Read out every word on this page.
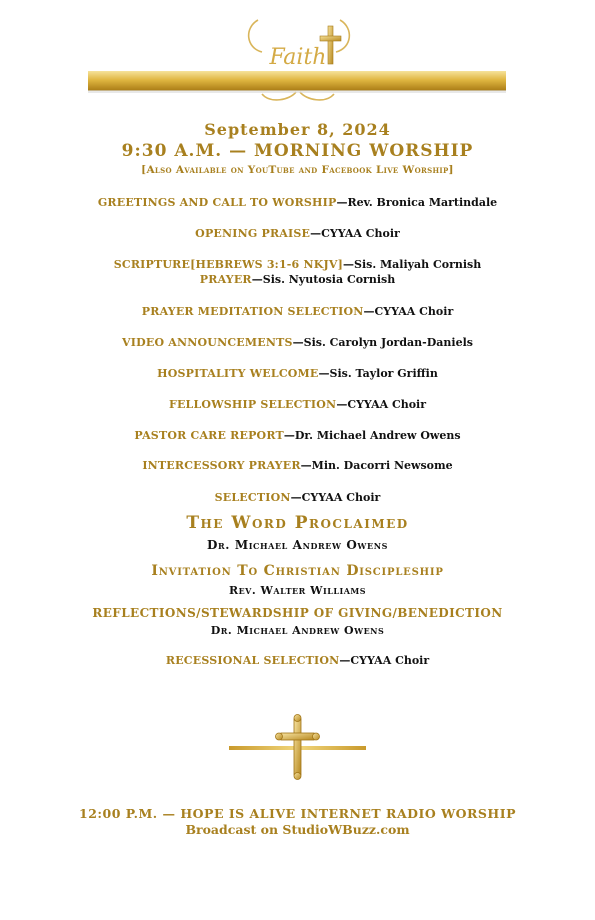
Faith
September 8, 2024
9:30 A.M. — MORNING WORSHIP
[Also Available on YouTube and Facebook Live Worship]
GREETINGS AND CALL TO WORSHIP—Rev. Bronica Martindale
OPENING PRAISE—CYYAA Choir
SCRIPTURE[HEBREWS 3:1-6 NKJV]—Sis. Maliyah Cornish
PRAYER—Sis. Nyutosia Cornish
PRAYER MEDITATION SELECTION—CYYAA Choir
VIDEO ANNOUNCEMENTS—Sis. Carolyn Jordan-Daniels
HOSPITALITY WELCOME—Sis. Taylor Griffin
FELLOWSHIP SELECTION—CYYAA Choir
PASTOR CARE REPORT—Dr. Michael Andrew Owens
INTERCESSORY PRAYER—Min. Dacorri Newsome
SELECTION—CYYAA Choir
The Word Proclaimed
Dr. Michael Andrew Owens
Invitation To Christian Discipleship
Rev. Walter Williams
REFLECTIONS/STEWARDSHIP OF GIVING/BENEDICTION
Dr. Michael Andrew Owens
RECESSIONAL SELECTION—CYYAA Choir
12:00 P.M. — HOPE IS ALIVE INTERNET RADIO WORSHIP
Broadcast on StudioWBuzz.com
